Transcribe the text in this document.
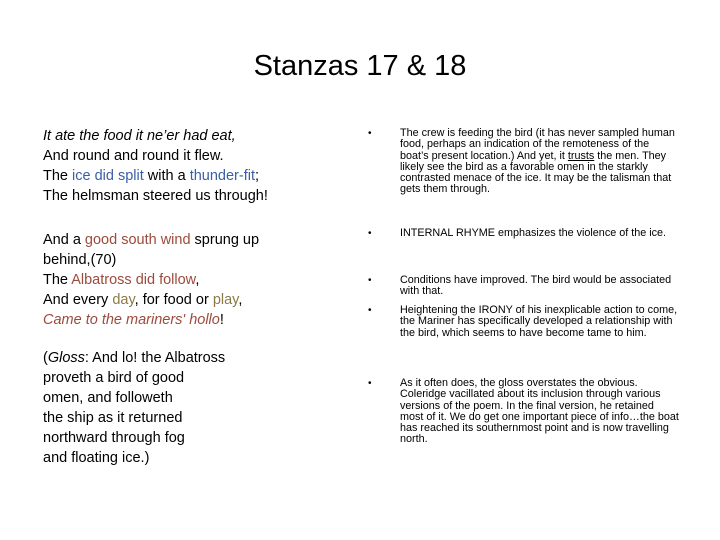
Stanzas 17 & 18

It ate the food it ne’er had eat,

And round and round it flew.

The ice did split with a thunder-fit;

The helmsman steered us through!

And a good south wind sprung up

behind,(70)

The Albatross did follow,

And every day, for food or play,

Came to the mariners' hollo!

(Gloss: And lo! the Albatross

proveth a bird of good

omen, and followeth

the ship as it returned

northward through fog

and floating ice.)

•	The crew is feeding the bird (it has never sampled human food, perhaps an indication of the remoteness of the boat’s present location.) And yet, it trusts the men. They likely see the bird as a favorable omen in the starkly contrasted menace of the ice. It may be the talisman that gets them through.
•	INTERNAL RHYME emphasizes the violence of the ice.
•	Conditions have improved. The bird would be associated with that.
•	Heightening the IRONY of his inexplicable action to come, the Mariner has specifically developed a relationship with the bird, which seems to have become tame to him.
•	As it often does, the gloss overstates the obvious. Coleridge vacillated about its inclusion through various versions of the poem. In the final version, he retained most of it. We do get one important piece of info…the boat has reached its southernmost point and is now travelling north.
